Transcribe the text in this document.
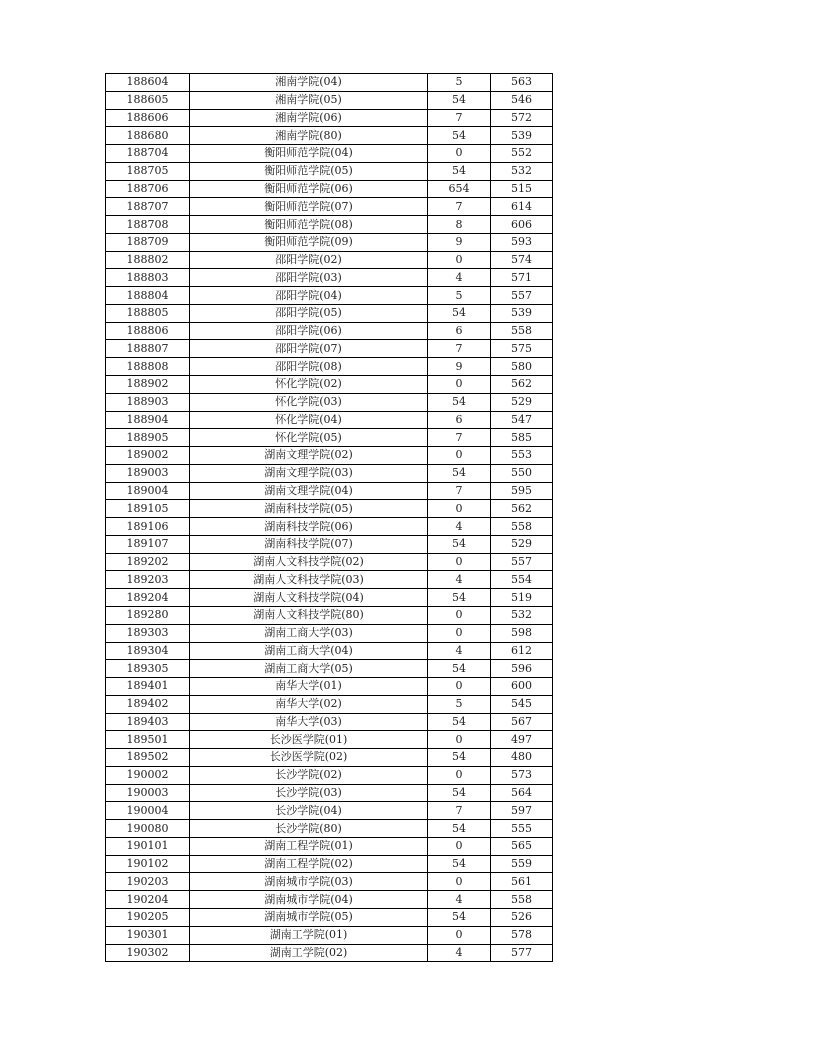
188604	湘南学院(04)	5	563
188605	湘南学院(05)	54	546
188606	湘南学院(06)	7	572
188680	湘南学院(80)	54	539
188704	衡阳师范学院(04)	0	552
188705	衡阳师范学院(05)	54	532
188706	衡阳师范学院(06)	654	515
188707	衡阳师范学院(07)	7	614
188708	衡阳师范学院(08)	8	606
188709	衡阳师范学院(09)	9	593
188802	邵阳学院(02)	0	574
188803	邵阳学院(03)	4	571
188804	邵阳学院(04)	5	557
188805	邵阳学院(05)	54	539
188806	邵阳学院(06)	6	558
188807	邵阳学院(07)	7	575
188808	邵阳学院(08)	9	580
188902	怀化学院(02)	0	562
188903	怀化学院(03)	54	529
188904	怀化学院(04)	6	547
188905	怀化学院(05)	7	585
189002	湖南文理学院(02)	0	553
189003	湖南文理学院(03)	54	550
189004	湖南文理学院(04)	7	595
189105	湖南科技学院(05)	0	562
189106	湖南科技学院(06)	4	558
189107	湖南科技学院(07)	54	529
189202	湖南人文科技学院(02)	0	557
189203	湖南人文科技学院(03)	4	554
189204	湖南人文科技学院(04)	54	519
189280	湖南人文科技学院(80)	0	532
189303	湖南工商大学(03)	0	598
189304	湖南工商大学(04)	4	612
189305	湖南工商大学(05)	54	596
189401	南华大学(01)	0	600
189402	南华大学(02)	5	545
189403	南华大学(03)	54	567
189501	长沙医学院(01)	0	497
189502	长沙医学院(02)	54	480
190002	长沙学院(02)	0	573
190003	长沙学院(03)	54	564
190004	长沙学院(04)	7	597
190080	长沙学院(80)	54	555
190101	湖南工程学院(01)	0	565
190102	湖南工程学院(02)	54	559
190203	湖南城市学院(03)	0	561
190204	湖南城市学院(04)	4	558
190205	湖南城市学院(05)	54	526
190301	湖南工学院(01)	0	578
190302	湖南工学院(02)	4	577
